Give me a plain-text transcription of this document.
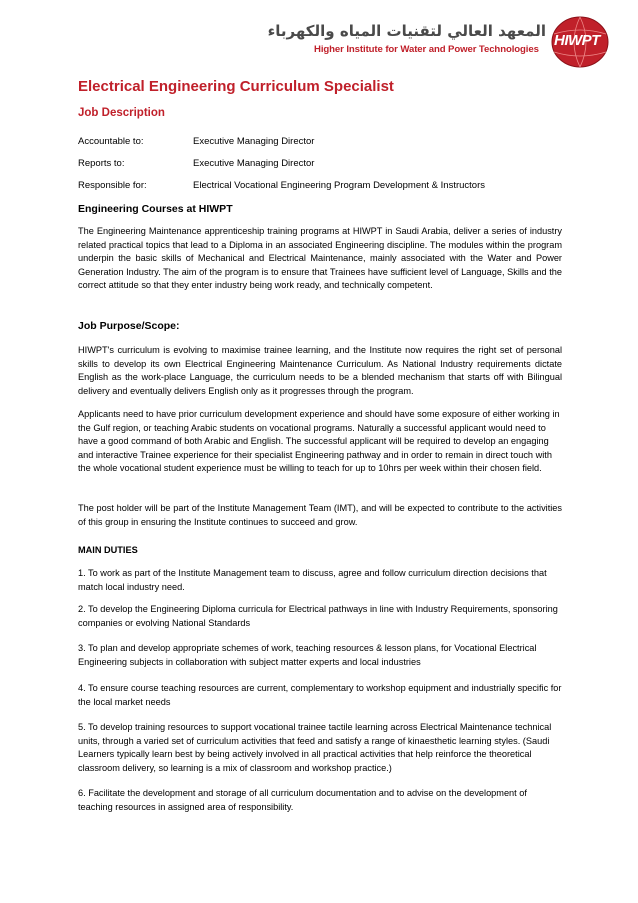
المعهد العالي لتقنيات المياه والكهرباء
Higher Institute for Water and Power Technologies
HIWPT
Electrical Engineering Curriculum Specialist
Job Description
Accountable to:	Executive Managing Director
Reports to:	Executive Managing Director
Responsible for:	Electrical Vocational Engineering Program Development & Instructors
Engineering Courses at HIWPT
The Engineering Maintenance apprenticeship training programs at HIWPT in Saudi Arabia, deliver a series of industry related practical topics that lead to a Diploma in an associated Engineering discipline. The modules within the program underpin the basic skills of Mechanical and Electrical Maintenance, mainly associated with the Water and Power Generation Industry. The aim of the program is to ensure that Trainees have sufficient level of Language, Skills and the correct attitude so that they enter industry being work ready, and technically competent.
Job Purpose/Scope:
HIWPT's curriculum is evolving to maximise trainee learning, and the Institute now requires the right set of personal skills to develop its own Electrical Engineering Maintenance Curriculum. As National Industry requirements dictate English as the work-place Language, the curriculum needs to be a blended mechanism that starts off with Bilingual delivery and eventually delivers English only as it progresses through the program.
Applicants need to have prior curriculum development experience and should have some exposure of either working in the Gulf region, or teaching Arabic students on vocational programs. Naturally a successful applicant would need to have a good command of both Arabic and English. The successful applicant will be required to develop an engaging and interactive Trainee experience for their specialist Engineering pathway and in order to remain in direct touch with the whole vocational student experience must be willing to teach for up to 10hrs per week within their chosen field.
The post holder will be part of the Institute Management Team (IMT), and will be expected to contribute to the activities of this group in ensuring the Institute continues to succeed and grow.
MAIN DUTIES
1. To work as part of the Institute Management team to discuss, agree and follow curriculum direction decisions that match local industry need.
2. To develop the Engineering Diploma curricula for Electrical pathways in line with Industry Requirements, sponsoring companies or evolving National Standards
3. To plan and develop appropriate schemes of work, teaching resources & lesson plans, for Vocational Electrical Engineering subjects in collaboration with subject matter experts and local industries
4. To ensure course teaching resources are current, complementary to workshop equipment and industrially specific for the local market needs
5. To develop training resources to support vocational trainee tactile learning across Electrical Maintenance technical units, through a varied set of curriculum activities that feed and satisfy a range of kinaesthetic learning styles. (Saudi Learners typically learn best by being actively involved in all practical activities that help reinforce the theoretical classroom delivery, so learning is a mix of classroom and workshop practice.)
6. Facilitate the development and storage of all curriculum documentation and to advise on the development of teaching resources in assigned area of responsibility.
